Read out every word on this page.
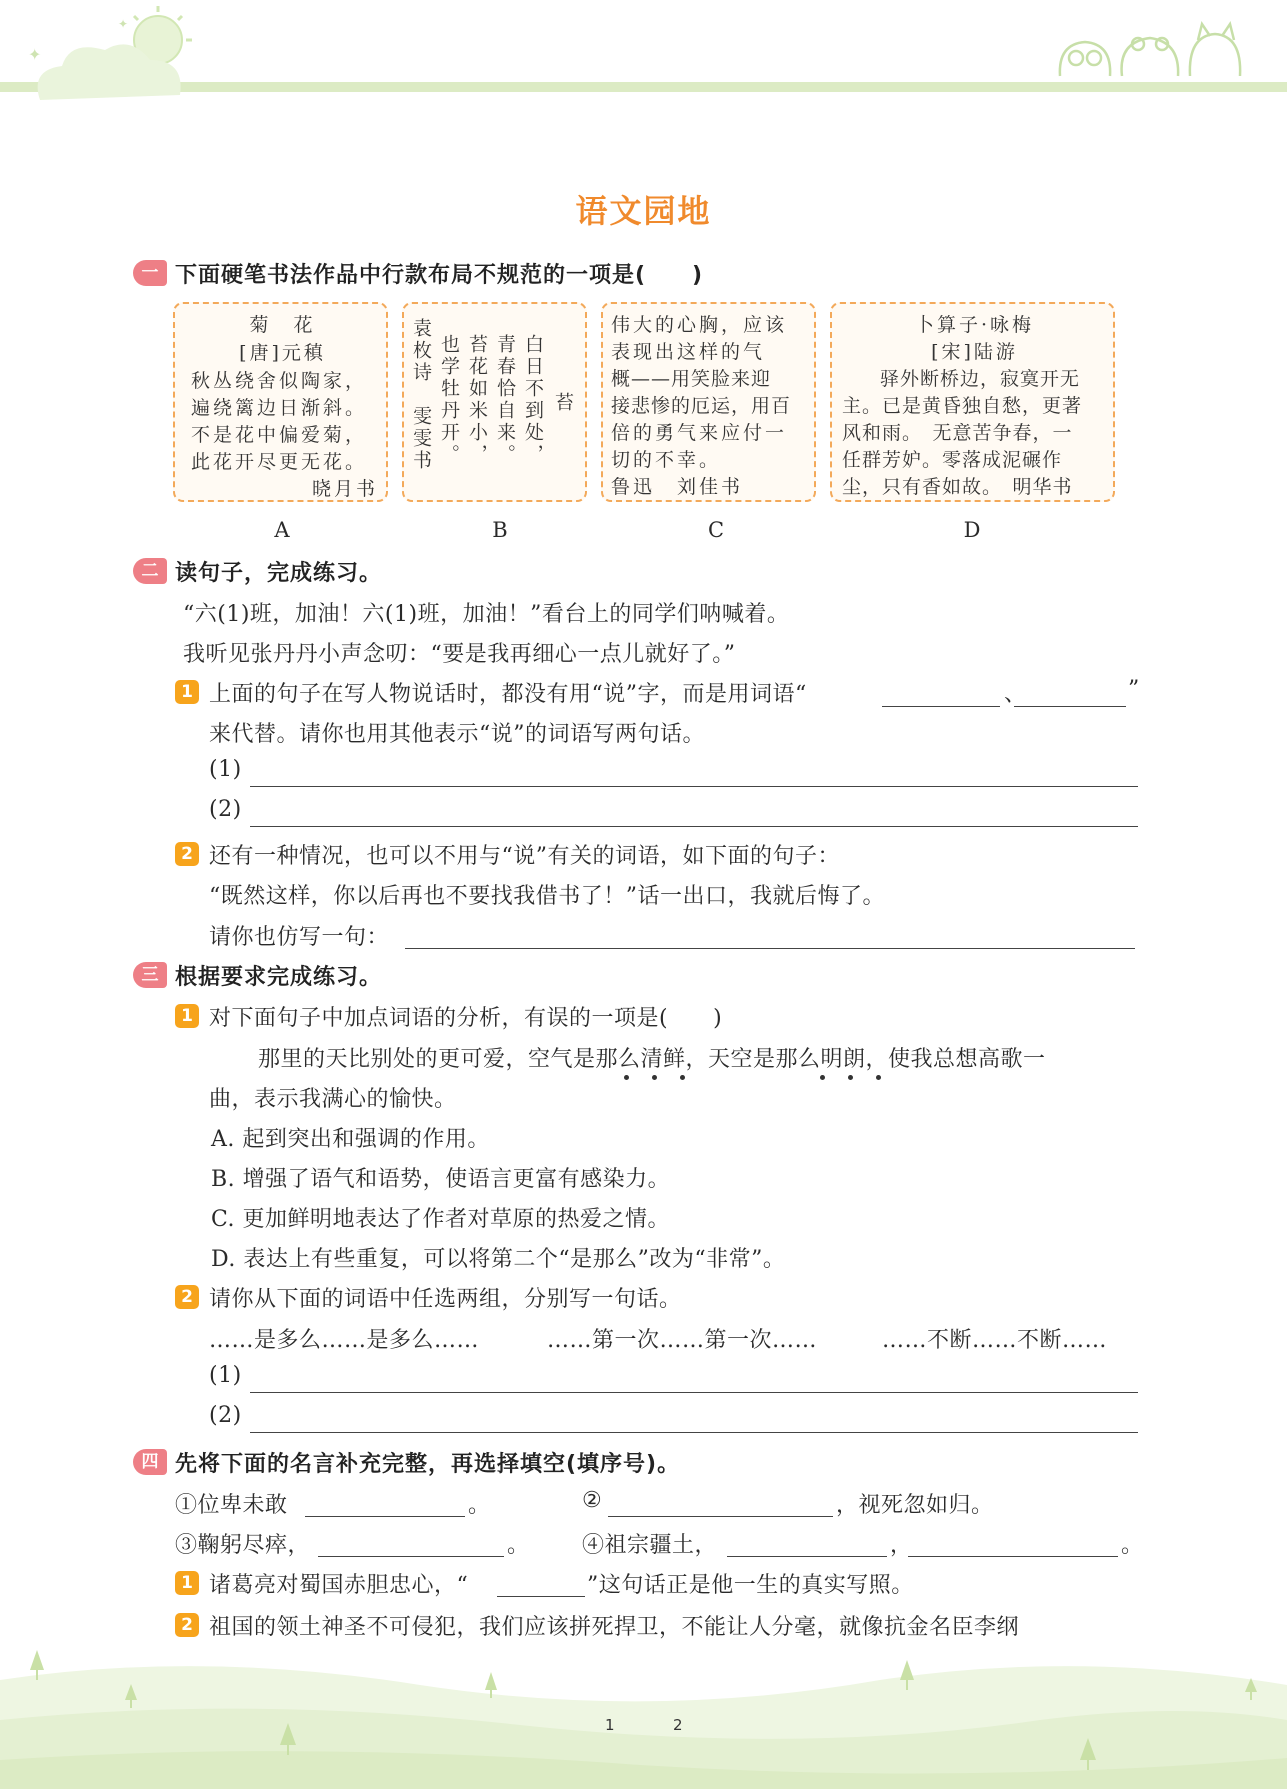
✦
✦
语文园地
一 下面硬笔书法作品中行款布局不规范的一项是(　　)
菊　花
[唐]元稹
秋丛绕舍似陶家，
遍绕篱边日渐斜。
不是花中偏爱菊，
此花开尽更无花。
晓月书
苔
白日不到处，
青春恰自来。
苔花如米小，
也学牡丹开。
袁枚诗　雯雯书	伟大的心胸，应该
表现出这样的气
概——用笑脸来迎
接悲惨的厄运，用百
倍的勇气来应付一
切的不幸。
鲁迅　刘佳书
卜算子·咏梅
[宋]陆游
驿外断桥边，寂寞开无
主。已是黄昏独自愁，更著
风和雨。　无意苦争春，一
任群芳妒。零落成泥碾作
尘，只有香如故。　明华书
A	B	C	D
二 读句子，完成练习。
“六(1)班，加油！六(1)班，加油！”看台上的同学们呐喊着。
我听见张丹丹小声念叨：“要是我再细心一点儿就好了。”
1 上面的句子在写人物说话时，都没有用“说”字，而是用词语“	、	”
来代替。请你也用其他表示“说”的词语写两句话。
(1)
(2)
2 还有一种情况，也可以不用与“说”有关的词语，如下面的句子：
“既然这样，你以后再也不要找我借书了！”话一出口，我就后悔了。
请你也仿写一句：
三 根据要求完成练习。
1 对下面句子中加点词语的分析，有误的一项是(　　)
那里的天比别处的更可爱，空气是那么清鲜，天空是那么明朗，使我总想高歌一
曲，表示我满心的愉快。
A. 起到突出和强调的作用。
B. 增强了语气和语势，使语言更富有感染力。
C. 更加鲜明地表达了作者对草原的热爱之情。
D. 表达上有些重复，可以将第二个“是那么”改为“非常”。
2 请你从下面的词语中任选两组，分别写一句话。
……是多么……是多么……	……第一次……第一次……	……不断……不断……
(1)
(2)
四 先将下面的名言补充完整，再选择填空(填序号)。
①位卑未敢	。	②	，视死忽如归。
③鞠躬尽瘁，	。 ④祖宗疆土，	，	。
1 诸葛亮对蜀国赤胆忠心，“	”这句话正是他一生的真实写照。
2 祖国的领土神圣不可侵犯，我们应该拼死捍卫，不能让人分毫，就像抗金名臣李纲
1	2
